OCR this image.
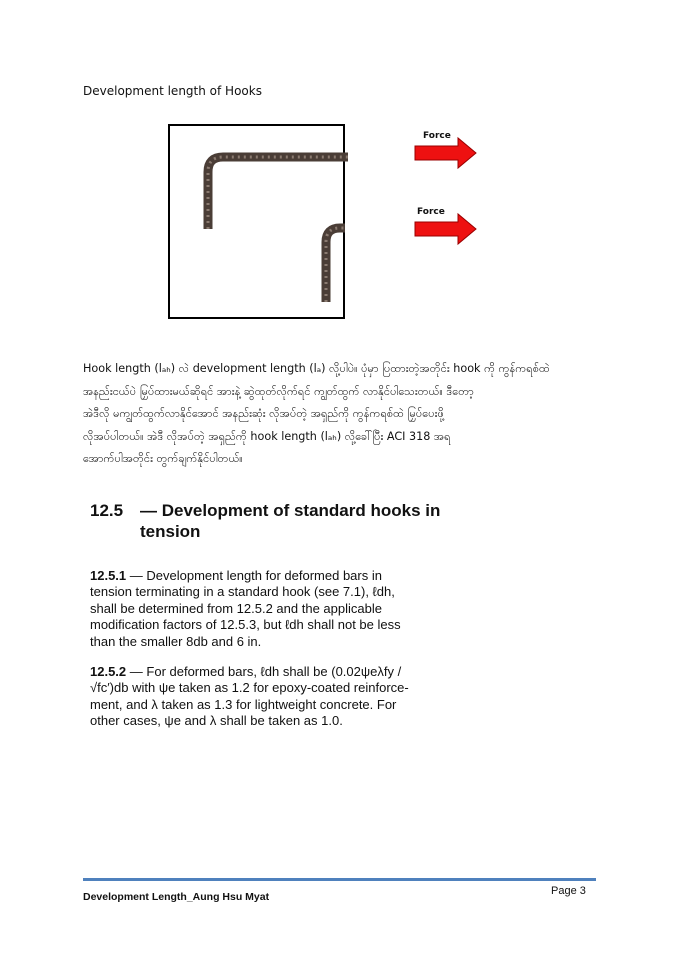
Development length of Hooks
Force
Force
Hook length (lₐₕ) လဲ development length (lₐ) လို့ပါပဲ။ ပုံမှာ ပြထားတဲ့အတိုင်း hook ကို ကွန်ကရစ်ထဲ
အနည်းငယ်ပဲ မြှပ်ထားမယ်ဆိုရင် အားနဲ့ ဆွဲထုတ်လိုက်ရင် ကျွတ်ထွက် လာနိုင်ပါသေးတယ်။ ဒီတော့
အဲဒီလို မကျွတ်ထွက်လာနိုင်အောင် အနည်းဆုံး လိုအပ်တဲ့ အရှည်ကို ကွန်ကရစ်ထဲ မြှပ်ပေးဖို့
လိုအပ်ပါတယ်။ အဲဒီ လိုအပ်တဲ့ အရှည်ကို hook length (lₐₕ) လို့ခေါ်ပြီး ACI 318 အရ
အောက်ပါအတိုင်း တွက်ချက်နိုင်ပါတယ်။
12.5 — Development of standard hooks in
tension
12.5.1 — Development length for deformed bars in
tension terminating in a standard hook (see 7.1), ℓdh,
shall be determined from 12.5.2 and the applicable
modification factors of 12.5.3, but ℓdh shall not be less
than the smaller 8db and 6 in.
12.5.2 — For deformed bars, ℓdh shall be (0.02ψeλfy /
√fc′)db with ψe taken as 1.2 for epoxy-coated reinforce-
ment, and λ taken as 1.3 for lightweight concrete. For
other cases, ψe and λ shall be taken as 1.0.
Development Length_Aung Hsu Myat	Page 3
